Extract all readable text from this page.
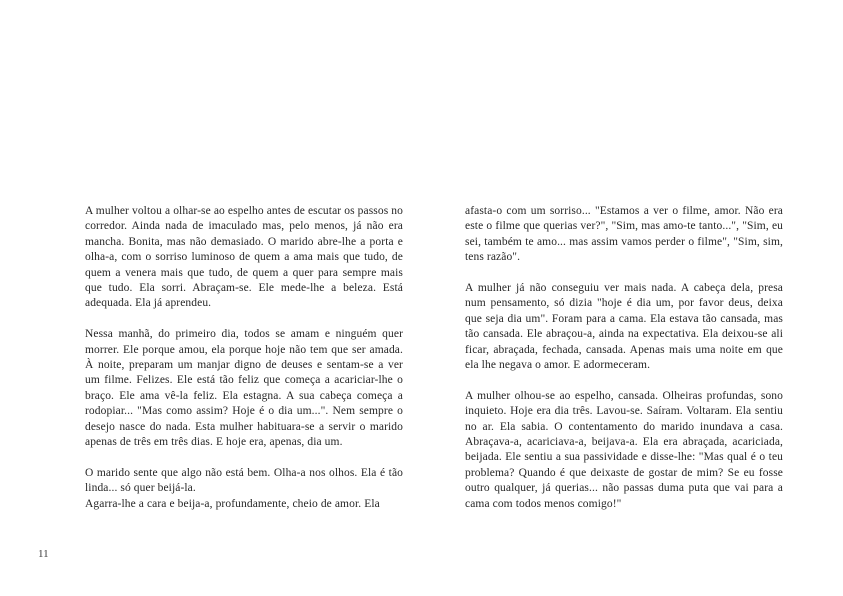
A mulher voltou a olhar-se ao espelho antes de escutar os passos no corredor. Ainda nada de imaculado mas, pelo menos, já não era mancha. Bonita, mas não demasiado. O marido abre-lhe a porta e olha-a, com o sorriso luminoso de quem a ama mais que tudo, de quem a venera mais que tudo, de quem a quer para sempre mais que tudo. Ela sorri. Abraçam-se. Ele mede-lhe a beleza. Está adequada. Ela já aprendeu.

Nessa manhã, do primeiro dia, todos se amam e ninguém quer morrer. Ele porque amou, ela porque hoje não tem que ser amada. À noite, preparam um manjar digno de deuses e sentam-se a ver um filme. Felizes. Ele está tão feliz que começa a acariciar-lhe o braço. Ele ama vê-la feliz. Ela estagna. A sua cabeça começa a rodopiar... "Mas como assim? Hoje é o dia um...". Nem sempre o desejo nasce do nada. Esta mulher habituara-se a servir o marido apenas de três em três dias. E hoje era, apenas, dia um.

O marido sente que algo não está bem. Olha-a nos olhos. Ela é tão linda... só quer beijá-la.

Agarra-lhe a cara e beija-a, profundamente, cheio de amor. Ela

afasta-o com um sorriso... "Estamos a ver o filme, amor. Não era este o filme que querias ver?", "Sim, mas amo-te tanto...", "Sim, eu sei, também te amo... mas assim vamos perder o filme", "Sim, sim, tens razão".

A mulher já não conseguiu ver mais nada. A cabeça dela, presa num pensamento, só dizia "hoje é dia um, por favor deus, deixa que seja dia um". Foram para a cama. Ela estava tão cansada, mas tão cansada. Ele abraçou-a, ainda na expectativa. Ela deixou-se ali ficar, abraçada, fechada, cansada. Apenas mais uma noite em que ela lhe negava o amor. E adormeceram.

A mulher olhou-se ao espelho, cansada. Olheiras profundas, sono inquieto. Hoje era dia três. Lavou-se. Saíram. Voltaram. Ela sentiu no ar. Ela sabia. O contentamento do marido inundava a casa. Abraçava-a, acariciava-a, beijava-a. Ela era abraçada, acariciada, beijada. Ele sentiu a sua passividade e disse-lhe: "Mas qual é o teu problema? Quando é que deixaste de gostar de mim? Se eu fosse outro qualquer, já querias... não passas duma puta que vai para a cama com todos menos comigo!"

11
